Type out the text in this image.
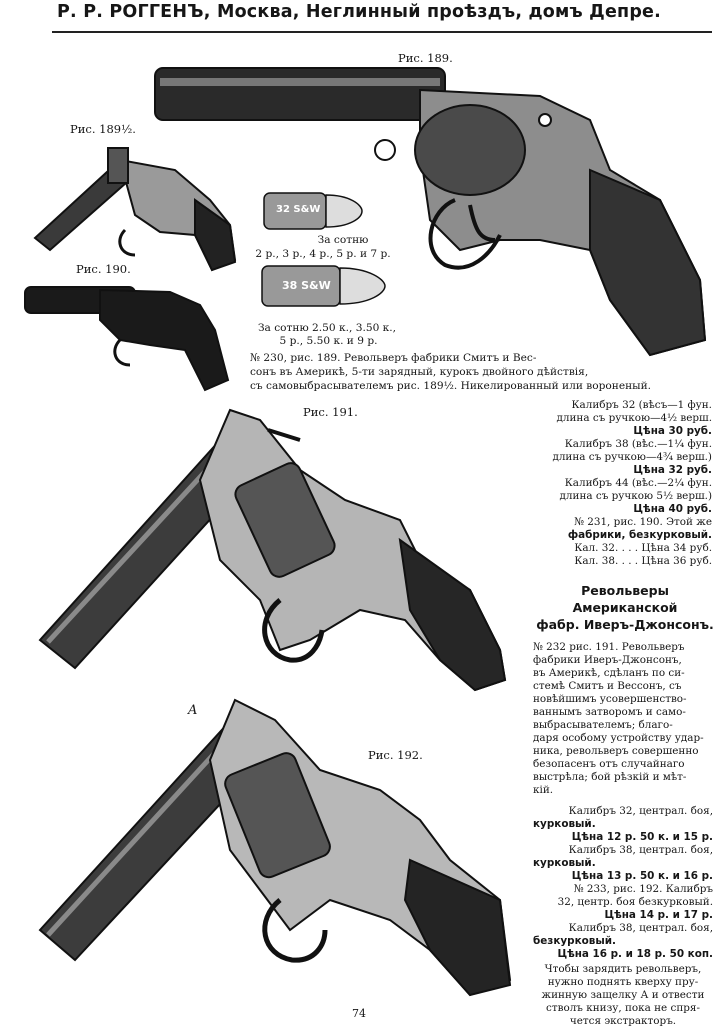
Р. Р. РОГГЕНЪ, Москва, Неглинный проѣздъ, домъ Депре.
32 S&W
38 S&W
Рис. 189.
Рис. 189½.
Рис. 190.
Рис. 191.
Рис. 192.
A
За сотню
2 р., 3 р., 4 р., 5 р. и 7 р.
За сотню 2.50 к., 3.50 к.,
5 р., 5.50 к. и 9 р.
№ 230, рис. 189. Револьверъ фабрики Смитъ и Вес-
сонъ въ Америкѣ, 5-ти зарядный, курокъ двойного дѣйствія,
съ самовыбрасывателемъ рис. 189½. Никелированный или вороненый.
Калибръ 32 (вѣсъ—1 фун.
длина съ ручкою—4½ верш.
Цѣна 30 руб.
Калибръ 38 (вѣс.—1¼ фун.
длина съ ручкою—4¾ верш.)
Цѣна 32 руб.
Калибръ 44 (вѣс.—2¼ фун.
длина съ ручкою 5½ верш.)
Цѣна 40 руб.
№ 231, рис. 190. Этой же
фабрики, безкурковый.
Кал. 32. . . . Цѣна 34 руб.
Кал. 38. . . . Цѣна 36 руб.
Револьверы Американской
фабр. Иверъ-Джонсонъ.
№ 232 рис. 191. Револьверъ
фабрики Иверъ-Джонсонъ,
въ Америкѣ, сдѣланъ по си-
стемѣ Смитъ и Вессонъ, съ
новѣйшимъ усовершенство-
ваннымъ затворомъ и само-
выбрасывателемъ; благо-
даря особому устройству удар-
ника, револьверъ совершенно
безопасенъ отъ случайнаго
выстрѣла; бой рѣзкій и мѣт-
кій.
Калибръ 32, централ. боя,
курковый.
Цѣна 12 р. 50 к. и 15 р.
Калибръ 38, централ. боя,
курковый.
Цѣна 13 р. 50 к. и 16 р.
№ 233, рис. 192. Калибръ
32, центр. боя безкурковый.
Цѣна 14 р. и 17 р.
Калибръ 38, централ. боя,
безкурковый.
Цѣна 16 р. и 18 р. 50 коп.
Чтобы зарядить револьверъ,
нужно поднять кверху пру-
жинную защелку А и отвести
стволъ книзу, пока не спря-
чется экстракторъ.
74
